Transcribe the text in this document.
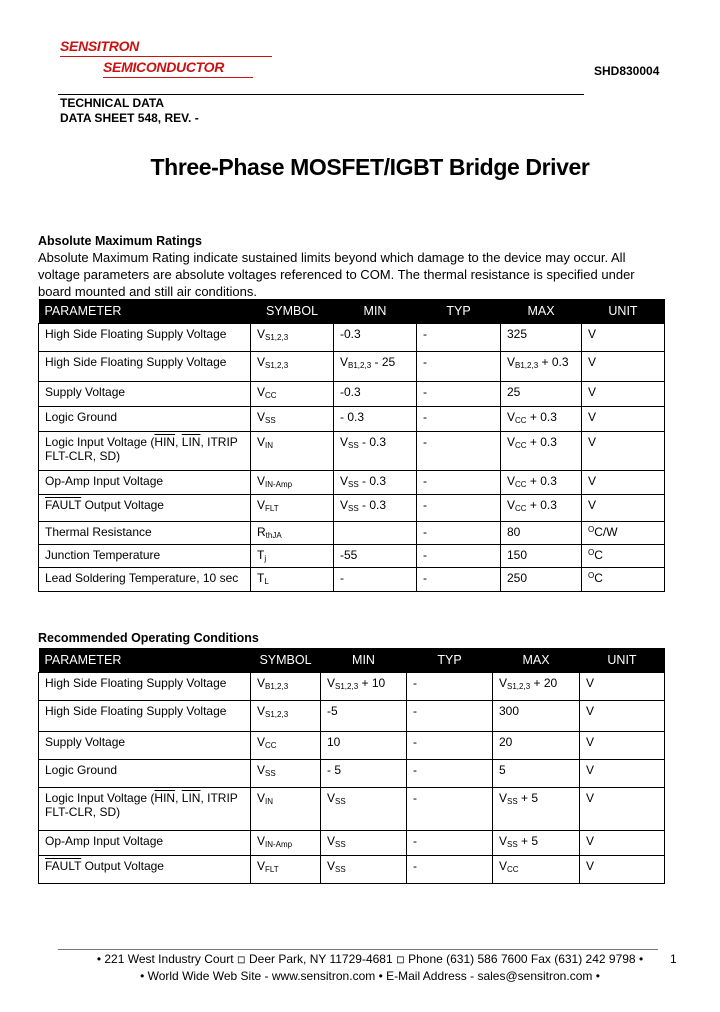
SENSITRON
SEMICONDUCTOR	SHD830004
TECHNICAL DATA
DATA SHEET 548, REV. -
Three-Phase MOSFET/IGBT Bridge Driver
Absolute Maximum Ratings
Absolute Maximum Rating indicate sustained limits beyond which damage to the device may occur. All voltage parameters are absolute voltages referenced to COM. The thermal resistance is specified under board mounted and still air conditions.
PARAMETER	SYMBOL	MIN	TYP	MAX	UNIT
High Side Floating Supply Voltage	$V_{S1,2,3}$	-0.3	-	325	V
High Side Floating Supply Voltage	$V_{S1,2,3}$	$V_{B1,2,3} - 25$	-	$V_{B1,2,3} + 0.3$	V
Supply Voltage	$V_{CC}$	-0.3	-	25	V
Logic Ground	$V_{SS}$	- 0.3	-	$V_{CC} + 0.3$	V
Logic Input Voltage ($\overline{HIN}$, $\overline{LIN}$, ITRIP
FLT-CLR, SD)	$V_{IN}$	$V_{SS} - 0.3$	-	$V_{CC} + 0.3$	V
Op-Amp Input Voltage	$V_{IN-Amp}$	$V_{SS} - 0.3$	-	$V_{CC} + 0.3$	V
FAULT Output Voltage	$V_{FLT}$	$V_{SS} - 0.3$	-	$V_{CC} + 0.3$	V
Thermal Resistance	$R_{thJA}$		-	80	$^O$C/W
Junction Temperature	$T_j$	-55	-	150	$^O$C
Lead Soldering Temperature, 10 sec	$T_L$	-	-	250	$^O$C
Recommended Operating Conditions
PARAMETER	SYMBOL	MIN	TYP	MAX	UNIT
High Side Floating Supply Voltage	$V_{B1,2,3}$	$V_{S1,2,3} + 10$	-	$V_{S1,2,3} + 20$	V
High Side Floating Supply Voltage	$V_{S1,2,3}$	-5	-	300	V
Supply Voltage	$V_{CC}$	10	-	20	V
Logic Ground	$V_{SS}$	- 5	-	5	V
Logic Input Voltage ($\overline{HIN}$, $\overline{LIN}$, ITRIP
FLT-CLR, SD)	$V_{IN}$	$V_{SS}$	-	$V_{SS} + 5$	V
Op-Amp Input Voltage	$V_{IN-Amp}$	$V_{SS}$	-	$V_{SS} + 5$	V
FAULT Output Voltage	$V_{FLT}$	$V_{SS}$	-	$V_{CC}$	V
• 221 West Industry Court ◽ Deer Park, NY 11729-4681 ◽ Phone (631) 586 7600 Fax (631) 242 9798 •
• World Wide Web Site - www.sensitron.com • E-Mail Address - sales@sensitron.com •
1
